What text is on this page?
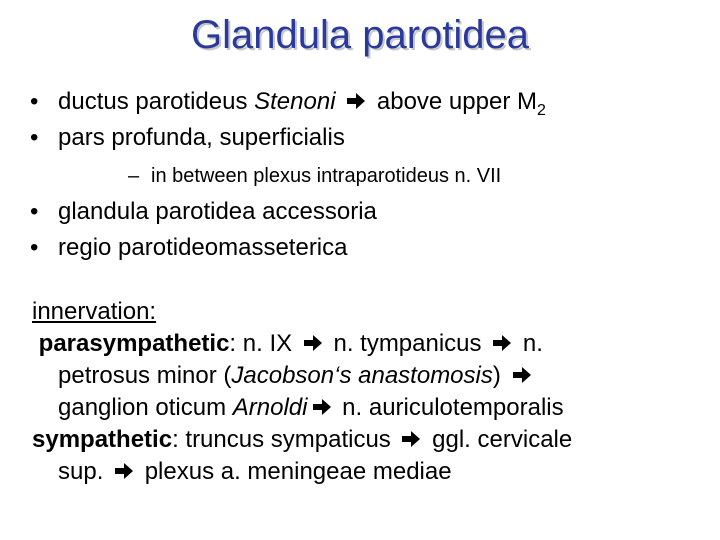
Glandula parotidea
• ductus parotideus Stenoni  above upper $M_2$
• pars profunda, superficialis
– in between plexus intraparotideus n. VII
• glandula parotidea accessoria
• regio parotideomasseterica
innervation:
parasympathetic: n. IX  n. tympanicus  n.
petrosus minor (Jacobson‘s anastomosis)
ganglion oticum Arnoldi n. auriculotemporalis
sympathetic: truncus sympaticus  ggl. cervicale
sup.  plexus a. meningeae mediae
